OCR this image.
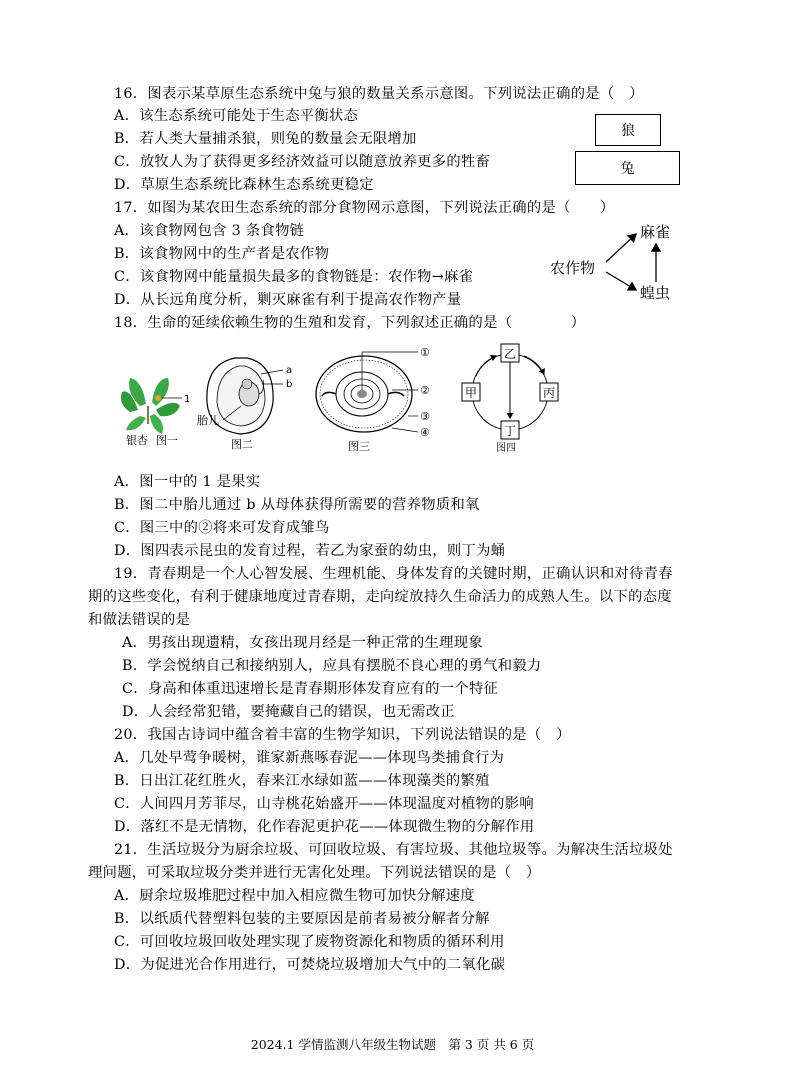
16．图表示某草原生态系统中兔与狼的数量关系示意图。下列说法正确的是（　）
A．该生态系统可能处于生态平衡状态
B．若人类大量捕杀狼，则兔的数量会无限增加
C．放牧人为了获得更多经济效益可以随意放养更多的牲畜
D．草原生态系统比森林生态系统更稳定
狼
兔
17．如图为某农田生态系统的部分食物网示意图，下列说法正确的是（　　）
A．该食物网包含 3 条食物链
B．该食物网中的生产者是农作物
C．该食物网中能量损失最多的食物链是：农作物→麻雀
D．从长远角度分析，剿灭麻雀有利于提高农作物产量
农作物
麻雀
蝗虫
18．生命的延续依赖生物的生殖和发育，下列叙述正确的是（　　　　）
1
银杏 图一
a
b
胎儿
图二
①
②
③
④
图三
乙
甲	丙
丁
图四
A．图一中的 1 是果实
B．图二中胎儿通过 b 从母体获得所需要的营养物质和氧
C．图三中的②将来可发育成雏鸟
D．图四表示昆虫的发育过程，若乙为家蚕的幼虫，则丁为蛹
19．青春期是一个人心智发展、生理机能、身体发育的关键时期，正确认识和对待青春
期的这些变化，有利于健康地度过青春期，走向绽放持久生命活力的成熟人生。以下的态度
和做法错误的是
A．男孩出现遗精，女孩出现月经是一种正常的生理现象
B．学会悦纳自己和接纳别人，应具有摆脱不良心理的勇气和毅力
C．身高和体重迅速增长是青春期形体发育应有的一个特征
D．人会经常犯错，要掩藏自己的错误，也无需改正
20．我国古诗词中蕴含着丰富的生物学知识，下列说法错误的是（　）
A．几处早莺争暖树，谁家新燕啄春泥——体现鸟类捕食行为
B．日出江花红胜火，春来江水绿如蓝——体现藻类的繁殖
C．人间四月芳菲尽，山寺桃花始盛开——体现温度对植物的影响
D．落红不是无情物，化作春泥更护花——体现微生物的分解作用
21．生活垃圾分为厨余垃圾、可回收垃圾、有害垃圾、其他垃圾等。为解决生活垃圾处
理问题，可采取垃圾分类并进行无害化处理。下列说法错误的是（　）
A．厨余垃圾堆肥过程中加入相应微生物可加快分解速度
B．以纸质代替塑料包装的主要原因是前者易被分解者分解
C．可回收垃圾回收处理实现了废物资源化和物质的循环利用
D．为促进光合作用进行，可焚烧垃圾增加大气中的二氧化碳
2024.1 学情监测八年级生物试题　第 3 页 共 6 页
